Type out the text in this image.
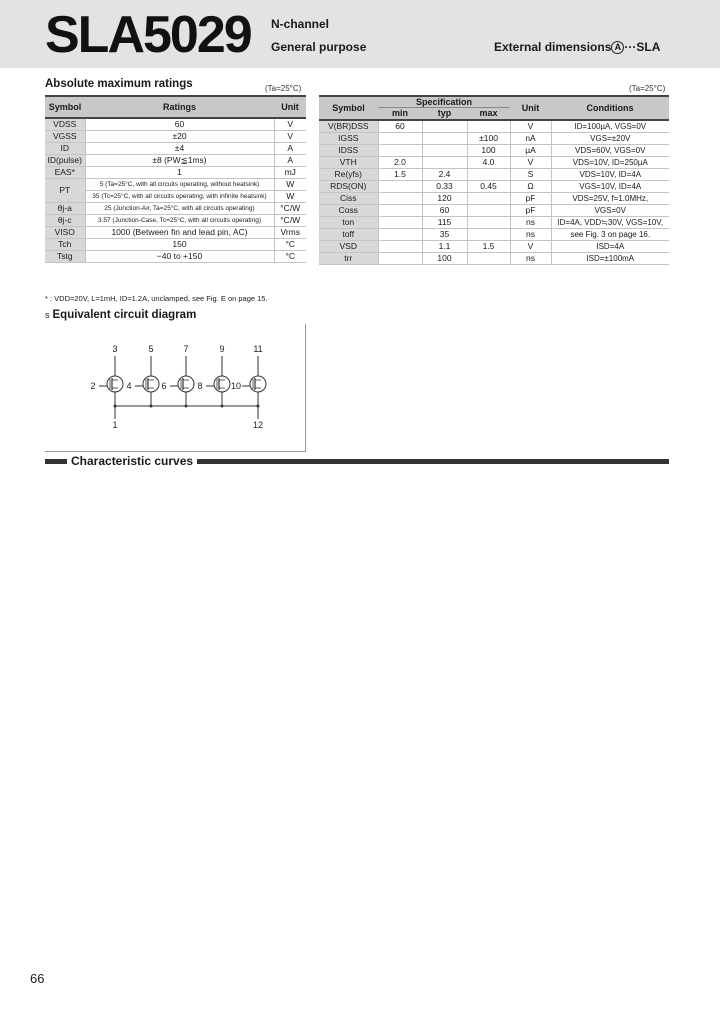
SLA5029 N-channel
General purpose	External dimensions A ···SLA
Absolute maximum ratings	(Ta=25°C)
Symbol	Ratings	Unit
VDSS	60	V
VGSS	±20	V
ID	±4	A
ID(pulse)	±8 (PW≦1ms)	A
EAS*	1	mJ
PT	5 (Ta=25°C, with all circuits operating, without heatsink)	W
	35 (Tc=25°C, with all circuits operating, with infinite heatsink)	W
θj-a	25 (Junction-Air, Ta=25°C, with all circuits operating)	°C/W
θj-c	3.57 (Junction-Case, Tc=25°C, with all circuits operating)	°C/W
VISO	1000 (Between fin and lead pin, AC)	Vrms
Tch	150	°C
Tstg	−40 to +150	°C
* : VDD=20V, L=1mH, ID=1.2A, unclamped, see Fig. E on page 15.
(Ta=25°C)
Symbol	Specification			Unit	Conditions
	min	typ	max		
V(BR)DSS	60			V	ID=100µA, VGS=0V
IGSS			±100	nA	VGS=±20V
IDSS			100	µA	VDS=60V, VGS=0V
VTH	2.0		4.0	V	VDS=10V, ID=250µA
Re(yfs)	1.5	2.4		S	VDS=10V, ID=4A
RDS(ON)		0.33	0.45	Ω	VGS=10V, ID=4A
Ciss		120		pF	VDS=25V, f=1.0MHz,
Coss		60		pF	VGS=0V
ton		115		ns	ID=4A, VDD≒30V, VGS=10V,
toff		35		ns	see Fig. 3 on page 16.
VSD		1.1	1.5	V	ISD=4A
trr		100		ns	ISD=±100mA
s Equivalent circuit diagram
1	12
3
2
5
4
7
6
9
8
11
10
Characteristic curves
66
